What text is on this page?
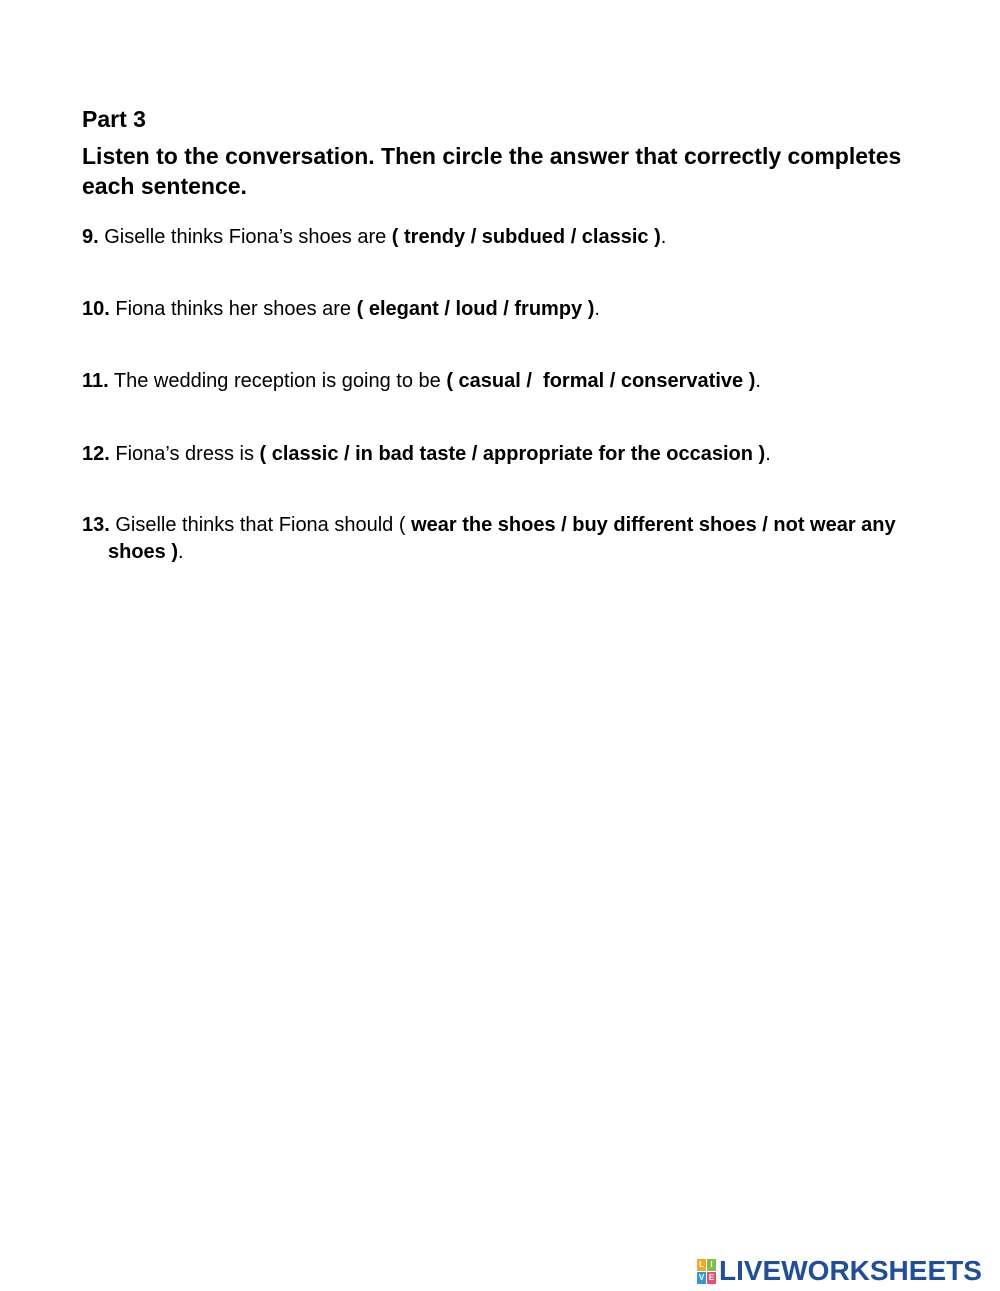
Part 3

Listen to the conversation. Then circle the answer that correctly completes each sentence.

9. Giselle thinks Fiona’s shoes are ( trendy / subdued / classic ).

10. Fiona thinks her shoes are ( elegant / loud / frumpy ).

11. The wedding reception is going to be ( casual /  formal / conservative ).

12. Fiona’s dress is ( classic / in bad taste / appropriate for the occasion ).

13. Giselle thinks that Fiona should ( wear the shoes / buy different shoes / not wear any shoes ).

L I
V E LIVEWORKSHEETS
